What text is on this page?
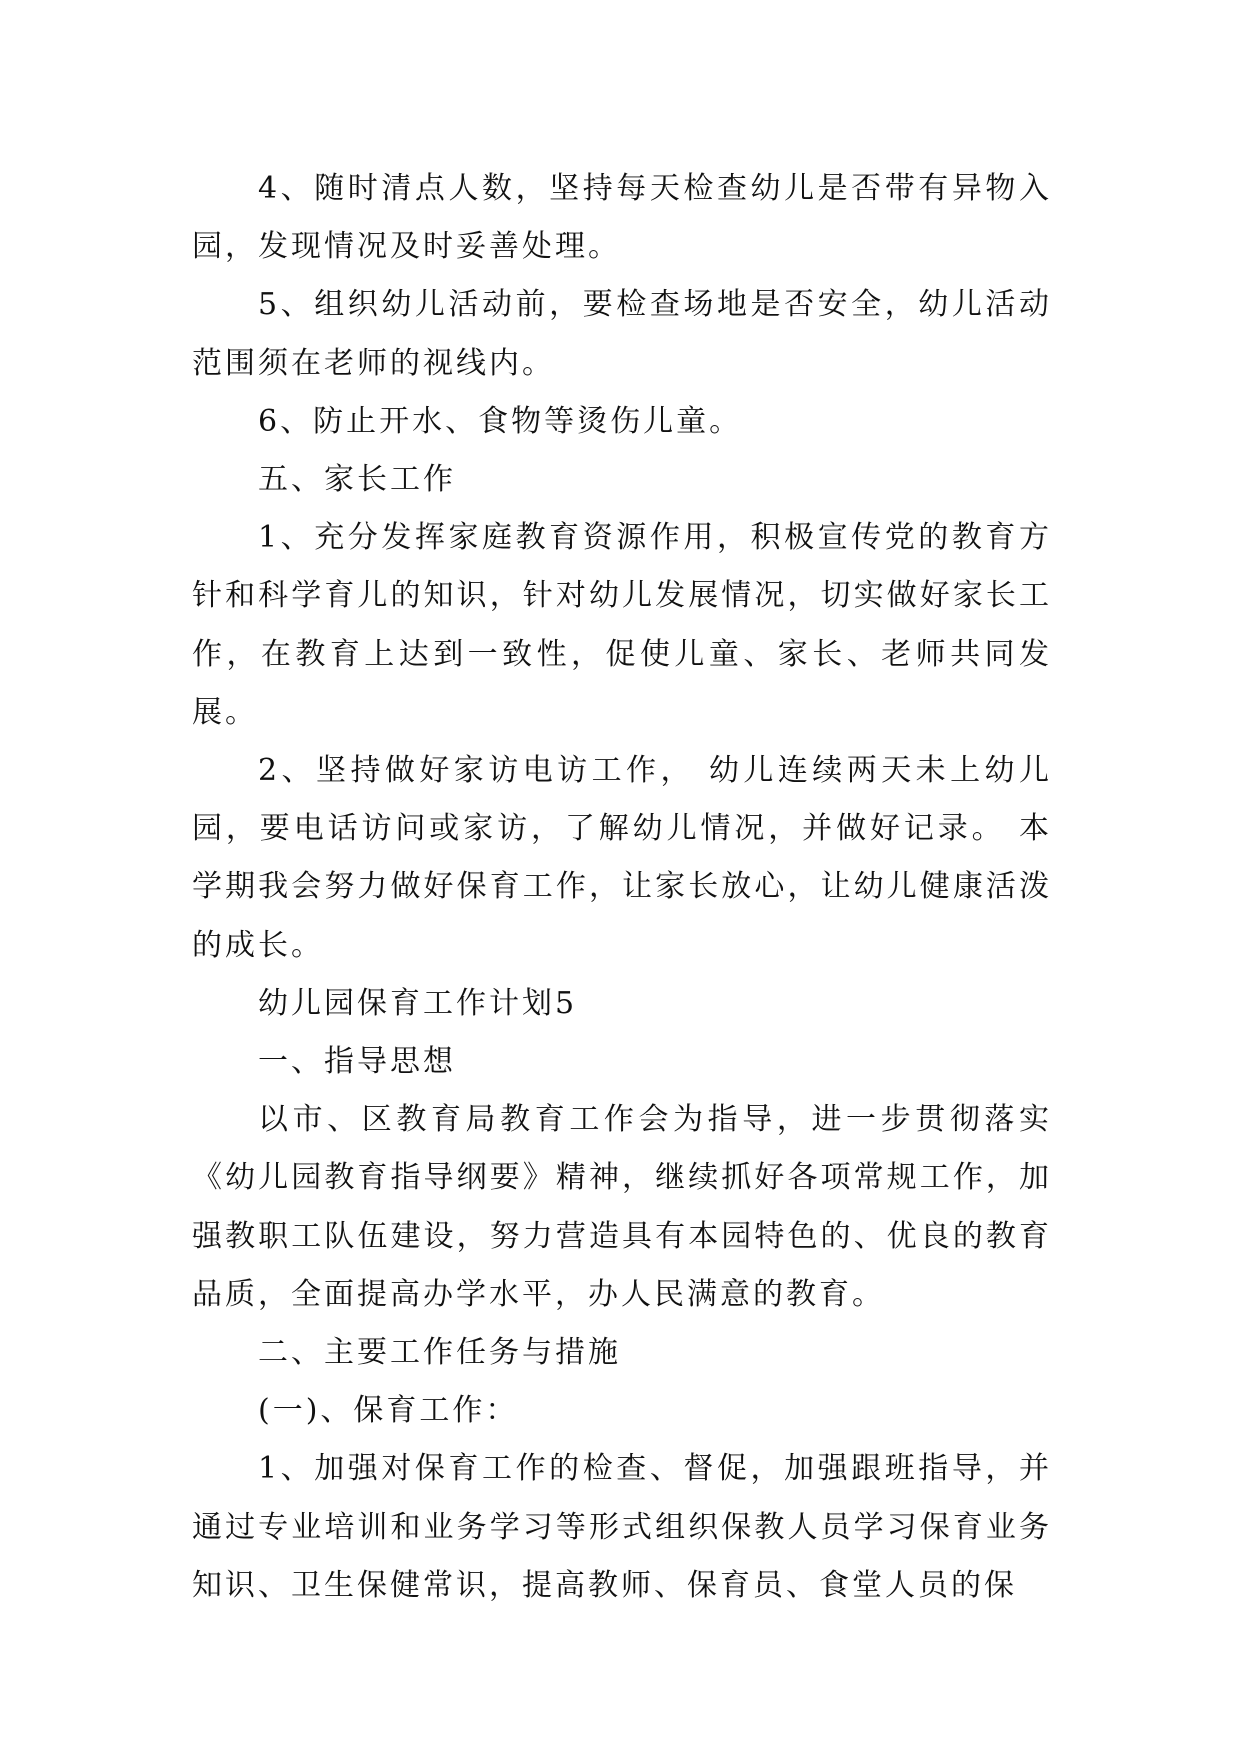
4、随时清点人数，坚持每天检查幼儿是否带有异物入园，发现情况及时妥善处理。

5、组织幼儿活动前，要检查场地是否安全，幼儿活动范围须在老师的视线内。

6、防止开水、食物等烫伤儿童。

五、家长工作

1、充分发挥家庭教育资源作用，积极宣传党的教育方针和科学育儿的知识，针对幼儿发展情况，切实做好家长工作，在教育上达到一致性，促使儿童、家长、老师共同发展。

2、坚持做好家访电访工作， 幼儿连续两天未上幼儿园，要电话访问或家访，了解幼儿情况，并做好记录。 本学期我会努力做好保育工作，让家长放心，让幼儿健康活泼的成长。

幼儿园保育工作计划5

一、指导思想

以市、区教育局教育工作会为指导，进一步贯彻落实《幼儿园教育指导纲要》精神，继续抓好各项常规工作，加强教职工队伍建设，努力营造具有本园特色的、优良的教育品质，全面提高办学水平，办人民满意的教育。

二、主要工作任务与措施

(一)、保育工作：

1、加强对保育工作的检查、督促，加强跟班指导，并通过专业培训和业务学习等形式组织保教人员学习保育业务知识、卫生保健常识，提高教师、保育员、食堂人员的保
